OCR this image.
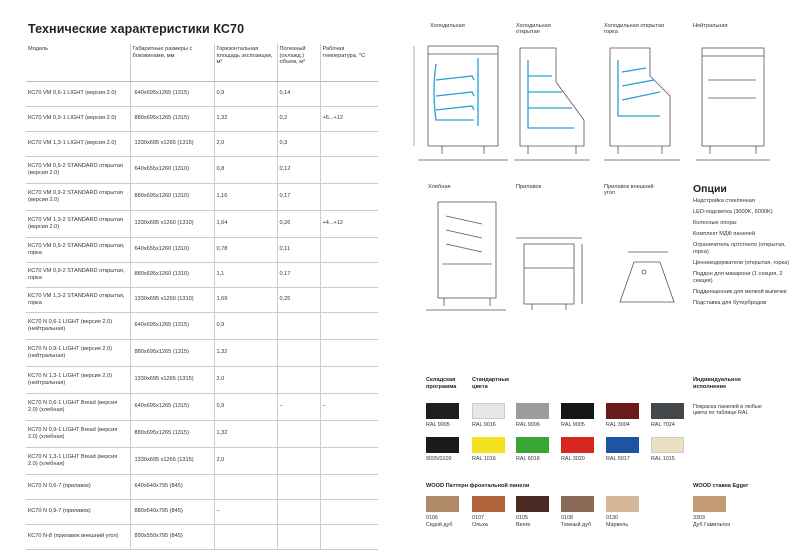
Технические характеристики КС70
Модель	Габаритные размеры с боковинами, мм	Горизонтальная площадь экспозиции, м²	Полезный (охлажд.) объем, м³	Рабочая температура, °С
КС70 VM 0,6-1 LIGHT (версия 2.0)	640х695х1265 (1315)	0,9	0,14	
КС70 VM 0,9-1 LIGHT (версия 2.0)	880х695х1265 (1315)	1,32	0,2	+6...+12
КС70 VM 1,3-1 LIGHT (версия 2.0)	1330х695 х1265 (1315)	2,0	0,3	
КС70 VM 0,6-2 STANDARD открытая (версия 2.0)	640х655х1260 (1310)	0,8	0,12	
КС70 VM 0,9-2 STANDARD открытая (версия 2.0)	880х695х1260 (1310)	1,16	0,17	
КС70 VM 1,3-2 STANDARD открытая (версия 2.0)	1330х695 х1260 (1310)	1,64	0,26	+4...+12
КС70 VM 0,6-2 STANDARD открытая, горка	640х655х1260 (1310)	0,78	0,11	
КС70 VM 0,9-2 STANDARD открытая, горка	880х695х1260 (1310)	1,1	0,17	
КС70 VM 1,3-2 STANDARD открытая, горка	1330х695 х1260 (1310)	1,69	0,25	
КС70 N 0,6-1 LIGHT (версия 2.0) (нейтральная)	640х695х1265 (1315)	0,9		
КС70 N 0,9-1 LIGHT (версия 2.0) (нейтральная)	880х695х1265 (1315)	1,32		
КС70 N 1,3-1 LIGHT (версия 2.0) (нейтральная)	1330х695 х1265 (1315)	2,0		
КС70 N 0,6-1 LIGHT Bread (версия 2.0) (хлебная)	640х695х1265 (1315)	0,9	–	–
КС70 N 0,9-1 LIGHT Bread (версия 2.0) (хлебная)	880х695х1265 (1315)	1,32		
КС70 N 1,3-1 LIGHT Bread (версия 2.0) (хлебная)	1330х695 х1265 (1315)	2,0		
КС70 N 0,6-7 (прилавок)	640х640х795 (845)			
КС70 N 0,9-7 (прилавок)	880х640х795 (845)	–		
КС70 N-8 (прилавок внешний угол)	890х550х795 (845)			
Холодильная	Холодильная открытая
Холодильная открытая горка
Нейтральная
Хлебная	Прилавок	Прилавок внешний угол	Опции
Надстройка стеклянная
LED-подсветка (3000K, 6000K)
Колесные опоры
Комплект МДФ панелей
Ограничитель ортстекло (открытая, горка)
Ценникодержатели (открытая, горка)
Поддон для макарони (1 секция, 2 секция)
Подденщенник для мелкой выпечки
Подставка для бутербродов
Складская программа
Стандартные цвета
Индивидуальное исполнение
Покраска панелей в любые цвета по таблице RAL
WOOD Паттерн фронтальной панели	WOOD ставка Egger
RAL 9005	RAL 9016	RAL 9006	RAL 9005	RAL 3004	RAL 7024
9005/0109	RAL 1016	RAL 6018	RAL 3020	RAL 5017	RAL 1015
0106
Седой дуб
0107
Ольха
0105
Венге
0108
Темный дуб
0130
Марвель
3303
Дуб Гамильтон
